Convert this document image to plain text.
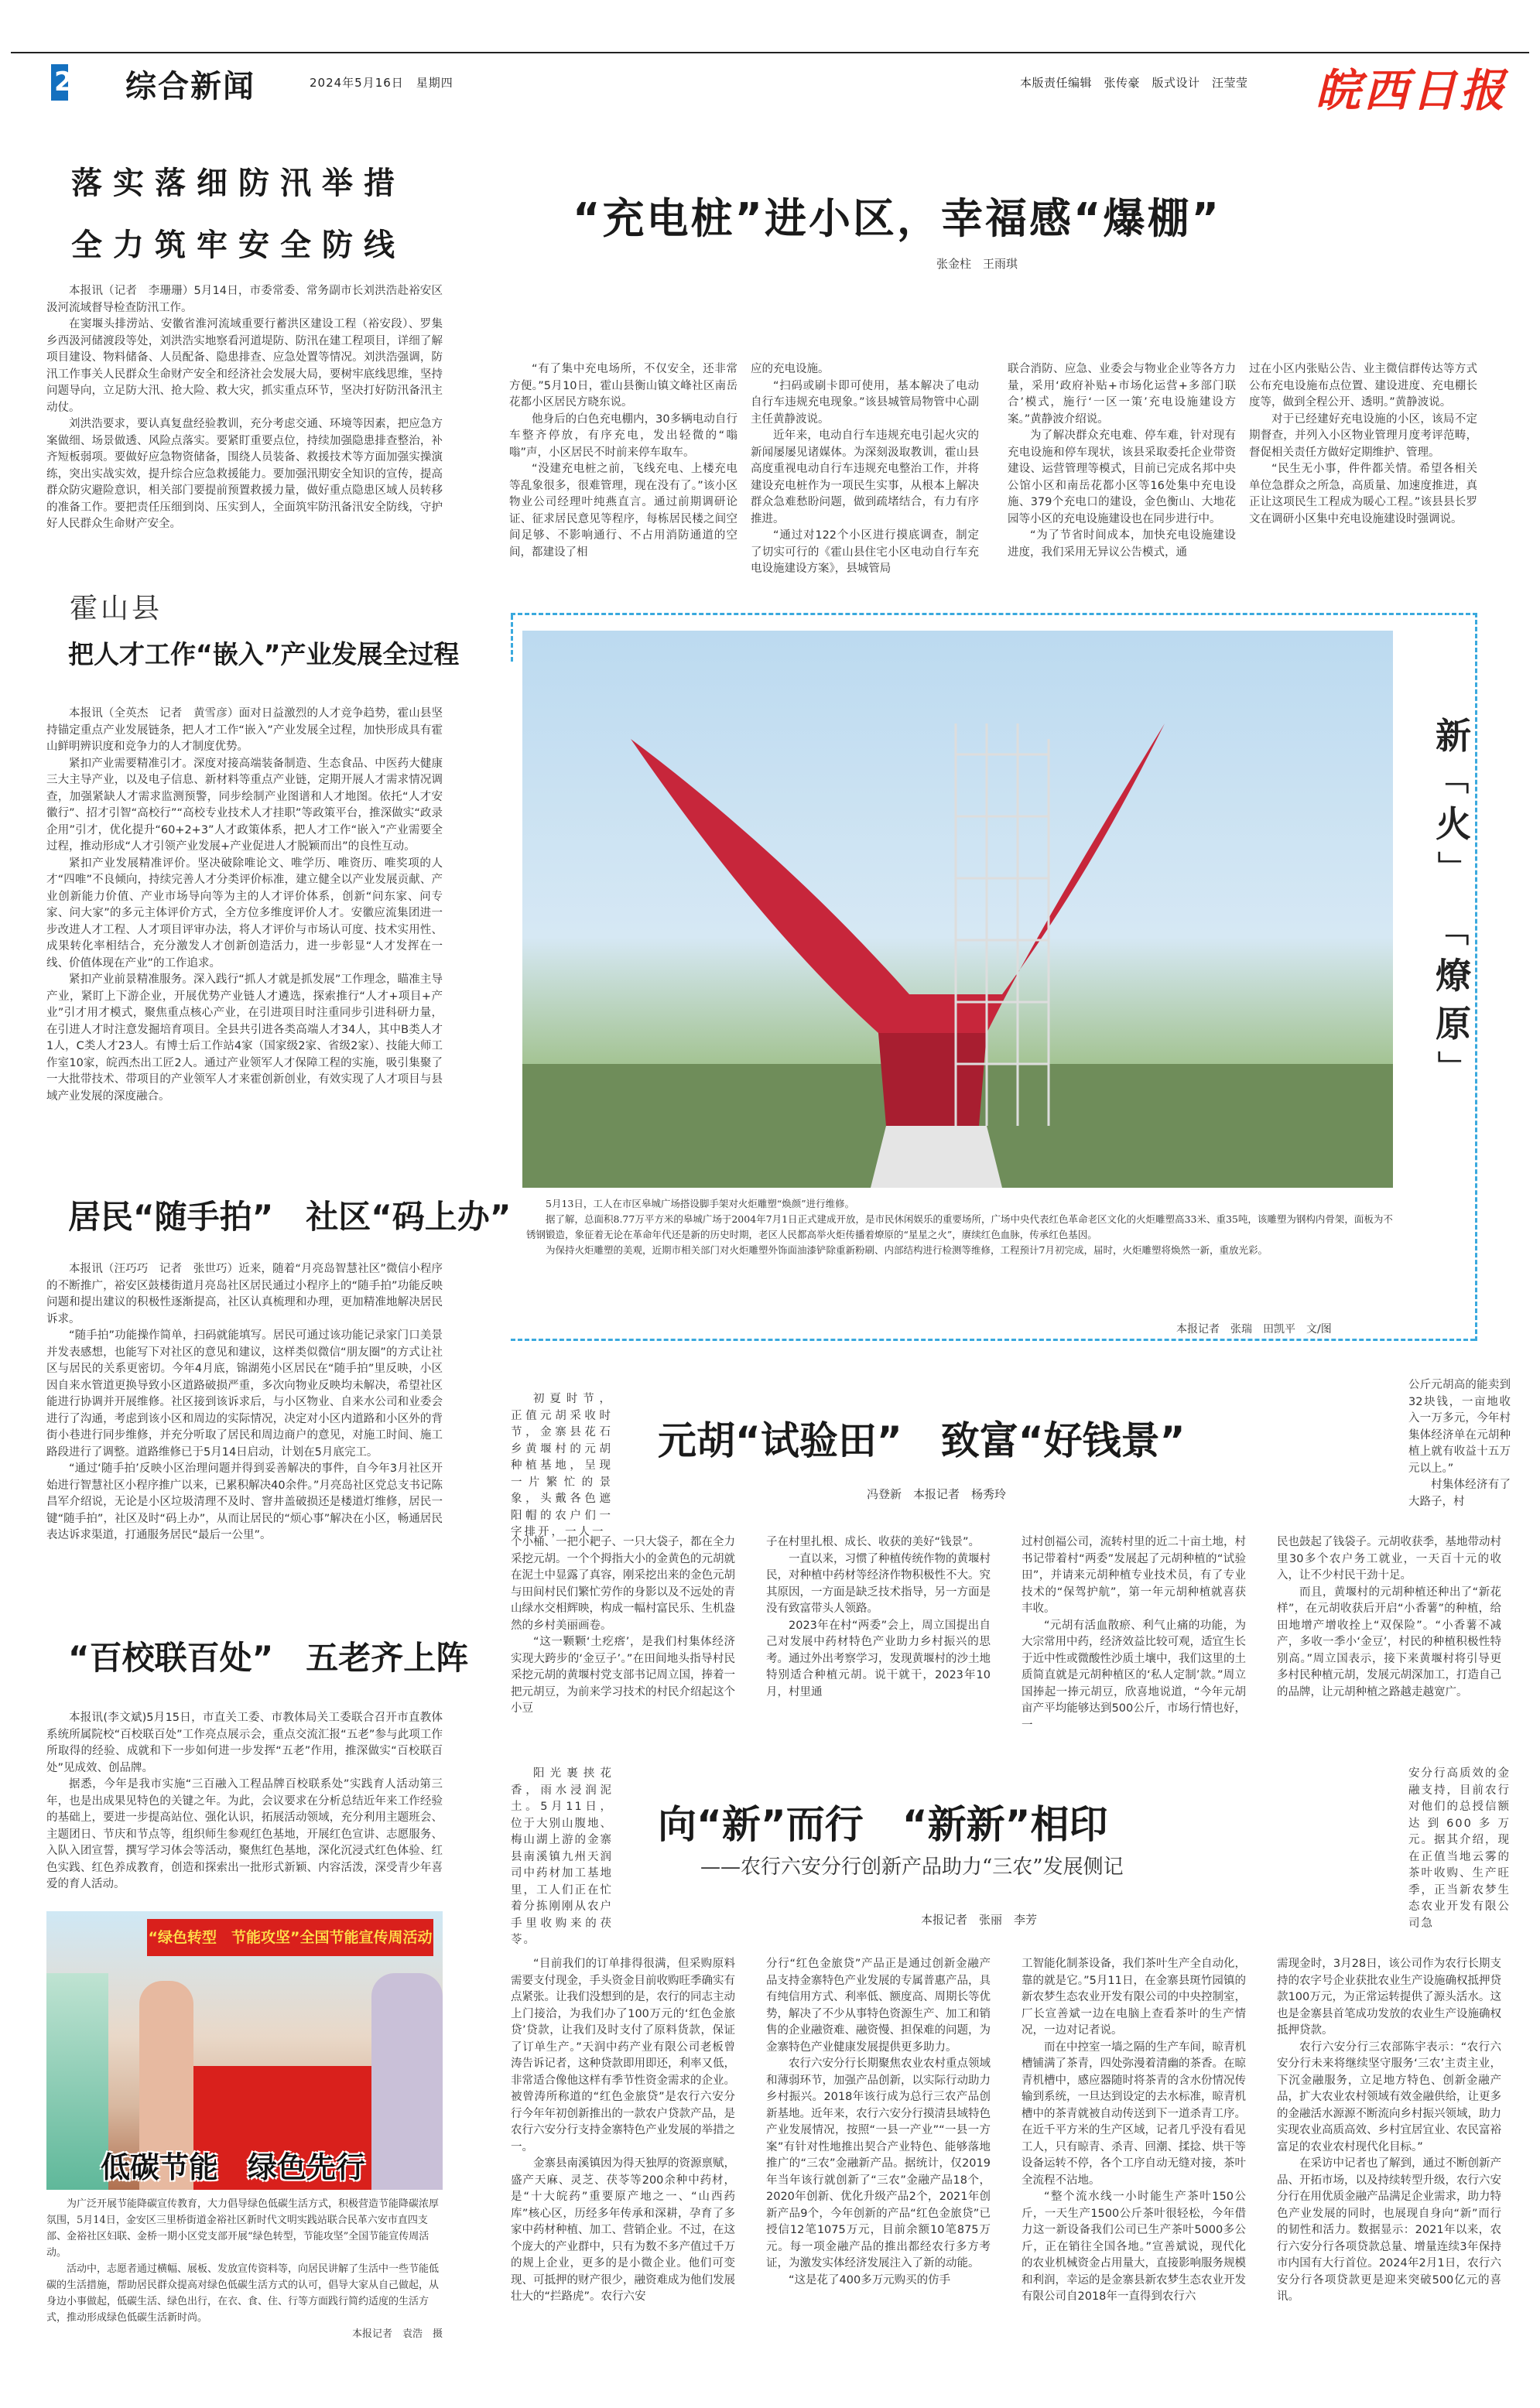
2 综合新闻	2024年5月16日　星期四	本版责任编辑　张传豪　版式设计　汪莹莹 皖西日报
落实落细防汛举措
全力筑牢安全防线

本报讯（记者　李珊珊）5月14日，市委常委、常务副市长刘洪浩赴裕安区汲河流域督导检查防汛工作。

在窦堰头排涝站、安徽省淮河流域重要行蓄洪区建设工程（裕安段）、罗集乡西汲河储渡段等处，刘洪浩实地察看河道堤防、防汛在建工程项目，详细了解项目建设、物料储备、人员配备、隐患排查、应急处置等情况。刘洪浩强调，防汛工作事关人民群众生命财产安全和经济社会发展大局，要树牢底线思维，坚持问题导向，立足防大汛、抢大险、救大灾，抓实重点环节，坚决打好防汛备汛主动仗。

刘洪浩要求，要认真复盘经验教训，充分考虑交通、环境等因素，把应急方案做细、场景做透、风险点落实。要紧盯重要点位，持续加强隐患排查整治，补齐短板弱项。要做好应急物资储备，围绕人员装备、救援技术等方面加强实操演练，突出实战实效，提升综合应急救援能力。要加强汛期安全知识的宣传，提高群众防灾避险意识，相关部门要提前预置救援力量，做好重点隐患区域人员转移的准备工作。要把责任压细到岗、压实到人，全面筑牢防汛备汛安全防线，守护好人民群众生命财产安全。

霍山县
把人才工作“嵌入”产业发展全过程

本报讯（全英杰　记者　黄雪彦）面对日益激烈的人才竞争趋势，霍山县坚持锚定重点产业发展链条，把人才工作“嵌入”产业发展全过程，加快形成具有霍山鲜明辨识度和竞争力的人才制度优势。

紧扣产业需要精准引才。深度对接高端装备制造、生态食品、中医药大健康三大主导产业，以及电子信息、新材料等重点产业链，定期开展人才需求情况调查，加强紧缺人才需求监测预警，同步绘制产业图谱和人才地图。依托“人才安徽行”、招才引智“高校行”“高校专业技术人才挂职”等政策平台，推深做实“政录企用”引才，优化提升“60+2+3”人才政策体系，把人才工作“嵌入”产业需要全过程，推动形成“人才引领产业发展+产业促进人才脱颖而出”的良性互动。

紧扣产业发展精准评价。坚决破除唯论文、唯学历、唯资历、唯奖项的人才“四唯”不良倾向，持续完善人才分类评价标准，建立健全以产业发展贡献、产业创新能力价值、产业市场导向等为主的人才评价体系，创新“问东家、问专家、问大家”的多元主体评价方式，全方位多维度评价人才。安徽应流集团进一步改进人才工程、人才项目评审办法，将人才评价与市场认可度、技术实用性、成果转化率相结合，充分激发人才创新创造活力，进一步彰显“人才发挥在一线、价值体现在产业”的工作追求。

紧扣产业前景精准服务。深入践行“抓人才就是抓发展”工作理念，瞄准主导产业，紧盯上下游企业，开展优势产业链人才遴选，探索推行“人才+项目+产业”引才用才模式，聚焦重点核心产业，在引进项目时注重同步引进科研力量，在引进人才时注意发掘培育项目。全县共引进各类高端人才34人，其中B类人才1人，C类人才23人。有博士后工作站4家（国家级2家、省级2家）、技能大师工作室10家，皖西杰出工匠2人。通过产业领军人才保障工程的实施，吸引集聚了一大批带技术、带项目的产业领军人才来霍创新创业，有效实现了人才项目与县域产业发展的深度融合。

居民“随手拍”　社区“码上办”

本报讯（汪巧巧　记者　张世巧）近来，随着“月亮岛智慧社区”微信小程序的不断推广，裕安区鼓楼街道月亮岛社区居民通过小程序上的“随手拍”功能反映问题和提出建议的积极性逐渐提高，社区认真梳理和办理，更加精准地解决居民诉求。

“随手拍”功能操作简单，扫码就能填写。居民可通过该功能记录家门口美景并发表感想，也能写下对社区的意见和建议，这样类似微信“朋友圈”的方式让社区与居民的关系更密切。今年4月底，锦湖苑小区居民在“随手拍”里反映，小区因自来水管道更换导致小区道路破损严重，多次向物业反映均未解决，希望社区能进行协调并开展维修。社区接到该诉求后，与小区物业、自来水公司和业委会进行了沟通，考虑到该小区和周边的实际情况，决定对小区内道路和小区外的背街小巷进行同步维修，并充分听取了居民和周边商户的意见，对施工时间、施工路段进行了调整。道路维修已于5月14日启动，计划在5月底完工。

“通过‘随手拍’反映小区治理问题并得到妥善解决的事件，自今年3月社区开始进行智慧社区小程序推广以来，已累积解决40余件。”月亮岛社区党总支书记陈昌军介绍说，无论是小区垃圾清理不及时、窨井盖破损还是楼道灯维修，居民一键“随手拍”，社区及时“码上办”，从而让居民的“烦心事”解决在小区，畅通居民表达诉求渠道，打通服务居民“最后一公里”。

“百校联百处”　五老齐上阵

本报讯(李文斌)5月15日，市直关工委、市教体局关工委联合召开市直教体系统所属院校“百校联百处”工作亮点展示会，重点交流汇报“五老”参与此项工作所取得的经验、成就和下一步如何进一步发挥“五老”作用，推深做实“百校联百处”见成效、创品牌。

据悉，今年是我市实施“三百融入工程品牌百校联系处”实践育人活动第三年，也是出成果见特色的关键之年。为此，会议要求在分析总结近年来工作经验的基础上，要进一步提高站位、强化认识，拓展活动领域，充分利用主题班会、主题团日、节庆和节点等，组织师生参观红色基地，开展红色宣讲、志愿服务、入队入团宣誓，撰写学习体会等活动，聚焦红色基地，深化沉浸式红色体验、红色实践、红色养成教育，创造和探索出一批形式新颖、内容活泼，深受青少年喜爱的育人活动。

“绿色转型　节能攻坚”全国节能宣传周活动
低碳节能　绿色先行

为广泛开展节能降碳宣传教育，大力倡导绿色低碳生活方式，积极营造节能降碳浓厚氛围，5月14日，金安区三里桥街道金裕社区新时代文明实践站联合民革六安市直四支部、金裕社区妇联、金桥一期小区党支部开展“绿色转型，节能攻坚”全国节能宣传周活动。

活动中，志愿者通过横幅、展板、发放宣传资料等，向居民讲解了生活中一些节能低碳的生活措施，帮助居民群众提高对绿色低碳生活方式的认可，倡导大家从自己做起，从身边小事做起，低碳生活、绿色出行，在衣、食、住、行等方面践行简约适度的生活方式，推动形成绿色低碳生活新时尚。

本报记者　袁浩　摄
“充电桩”进小区，幸福感“爆棚”
张金柱　王雨琪

“有了集中充电场所，不仅安全，还非常方便。”5月10日，霍山县衡山镇文峰社区南岳花都小区居民方晓东说。

他身后的白色充电棚内，30多辆电动自行车整齐停放，有序充电，发出轻微的“嗡嗡”声，小区居民不时前来停车取车。

“没建充电桩之前，飞线充电、上楼充电等乱象很多，很难管理，现在没有了。”该小区物业公司经理叶纯燕直言。通过前期调研论证、征求居民意见等程序，每栋居民楼之间空间足够、不影响通行、不占用消防通道的空间，都建设了相

应的充电设施。

“扫码或刷卡即可使用，基本解决了电动自行车违规充电现象。”该县城管局物管中心副主任黄静波说。

近年来，电动自行车违规充电引起火灾的新闻屡屡见诸媒体。为深刻汲取教训，霍山县高度重视电动自行车违规充电整治工作，并将建设充电桩作为一项民生实事，从根本上解决群众急难愁盼问题，做到疏堵结合，有力有序推进。

“通过对122个小区进行摸底调查，制定了切实可行的《霍山县住宅小区电动自行车充电设施建设方案》，县城管局

联合消防、应急、业委会与物业企业等各方力量，采用‘政府补贴+市场化运营+多部门联合’模式，施行‘一区一策’充电设施建设方案。”黄静波介绍说。

为了解决群众充电难、停车难，针对现有充电设施和停车现状，该县采取委托企业带资建设、运营管理等模式，目前已完成名邦中央公馆小区和南岳花都小区等16处集中充电设施、379个充电口的建设，金色衡山、大地花园等小区的充电设施建设也在同步进行中。

“为了节省时间成本，加快充电设施建设进度，我们采用无异议公告模式，通

过在小区内张贴公告、业主微信群传达等方式公布充电设施布点位置、建设进度、充电棚长度等，做到全程公开、透明。”黄静波说。

对于已经建好充电设施的小区，该局不定期督查，并列入小区物业管理月度考评范畴，督促相关责任方做好定期维护、管理。

“民生无小事，件件都关情。希望各相关单位急群众之所急，高质量、加速度推进，真正让这项民生工程成为暖心工程。”该县县长罗文在调研小区集中充电设施建设时强调说。

新
﹁
火
﹂
﹁
燎
原
﹂

5月13日，工人在市区皋城广场搭设脚手架对火炬雕塑“焕颜”进行维修。

据了解，总面积8.77万平方米的皋城广场于2004年7月1日正式建成开放，是市民休闲娱乐的重要场所，广场中央代表红色革命老区文化的火炬雕塑高33米、重35吨，该雕塑为钢构内骨架，面板为不锈钢锻造，象征着无论在革命年代还是新的历史时期，老区人民都高举火炬传播着燎原的“星星之火”，赓续红色血脉，传承红色基因。

为保持火炬雕塑的美观，近期市相关部门对火炬雕塑外饰面油漆铲除重新粉刷、内部结构进行检测等维修，工程预计7月初完成，届时，火炬雕塑将焕然一新，重放光彩。

本报记者　张瑞　田凯平　文/图

初夏时节，正值元胡采收时节，金寨县花石乡黄堰村的元胡种植基地，呈现一片繁忙的景象，头戴各色遮阳帽的农户们一字排开，一人一

元胡“试验田”　致富“好钱景”
冯登新　本报记者　杨秀玲

公斤元胡高的能卖到32块钱，一亩地收入一万多元，今年村集体经济单在元胡种植上就有收益十五万元以上。”

村集体经济有了大路子，村

个小桶、一把小耙子、一只大袋子，都在全力采挖元胡。一个个拇指大小的金黄色的元胡就在泥土中显露了真容，刚采挖出来的金色元胡与田间村民们繁忙劳作的身影以及不远处的青山绿水交相辉映，构成一幅村富民乐、生机盎然的乡村美丽画卷。

“这一颗颗‘土疙瘩’，是我们村集体经济实现大跨步的‘金豆子’。”在田间地头指导村民采挖元胡的黄堰村党支部书记周立国，捧着一把元胡豆，为前来学习技术的村民介绍起这个小豆

子在村里扎根、成长、收获的美好“钱景”。

一直以来，习惯了种植传统作物的黄堰村民，对种植中药材等经济作物积极性不大。究其原因，一方面是缺乏技术指导，另一方面是没有致富带头人领路。

2023年在村“两委”会上，周立国提出自己对发展中药材特色产业助力乡村振兴的思考。通过外出考察学习，发现黄堰村的沙土地特别适合种植元胡。说干就干，2023年10月，村里通

过村创福公司，流转村里的近二十亩土地，村书记带着村“两委”发展起了元胡种植的“试验田”，并请来元胡种植专业技术员，有了专业技术的“保驾护航”，第一年元胡种植就喜获丰收。

“元胡有活血散瘀、利气止痛的功能，为大宗常用中药，经济效益比较可观，适宜生长于近中性或微酸性沙质土壤中，我们这里的土质简直就是元胡种植区的‘私人定制’款。”周立国捧起一捧元胡豆，欣喜地说道，“今年元胡亩产平均能够达到500公斤，市场行情也好，一

民也鼓起了钱袋子。元胡收获季，基地带动村里30多个农户务工就业，一天百十元的收入，让不少村民干劲十足。

而且，黄堰村的元胡种植还种出了“新花样”，在元胡收获后开启“小香薯”的种植，给田地增产增收拴上“双保险”。“小香薯不减产，多收一季小‘金豆’，村民的种植积极性特别高。”周立国表示，接下来黄堰村将引导更多村民种植元胡，发展元胡深加工，打造自己的品牌，让元胡种植之路越走越宽广。

阳光裹挟花香，雨水浸润泥土。5月11日，位于大别山腹地、梅山湖上游的金寨县南溪镇九州天润司中药材加工基地里，工人们正在忙着分拣刚刚从农户手里收购来的茯苓。

向“新”而行　“新新”相印
——农行六安分行创新产品助力“三农”发展侧记
本报记者　张丽　李芳

安分行高质效的金融支持，目前农行对他们的总授信额达到600多万元。据其介绍，现在正值当地云雾的茶叶收购、生产旺季，正当新农梦生态农业开发有限公司急

“目前我们的订单排得很满，但采购原料需要支付现金，手头资金目前收购旺季确实有点紧张。让我们没想到的是，农行的同志主动上门接洽，为我们办了100万元的‘红色金旅贷’贷款，让我们及时支付了原料货款，保证了订单生产。”天润中药产业有限公司老板曾涛告诉记者，这种贷款即用即还，利率又低，非常适合像他这样有季节性资金需求的企业。被曾涛所称道的“红色金旅贷”是农行六安分行今年年初创新推出的一款农户贷款产品，是农行六安分行支持金寨特色产业发展的举措之一。

金寨县南溪镇因为得天独厚的资源禀赋，盛产天麻、灵芝、茯苓等200余种中药材，是“十大皖药”重要原产地之一、“山西药库”核心区，历经多年传承和深耕，孕育了多家中药材种植、加工、营销企业。不过，在这个庞大的产业群中，只有为数不多产值过千万的规上企业，更多的是小微企业。他们可变现、可抵押的财产很少，融资难成为他们发展壮大的“拦路虎”。农行六安

分行“红色金旅贷”产品正是通过创新金融产品支持金寨特色产业发展的专属普惠产品，具有纯信用方式、利率低、额度高、周期长等优势，解决了不少从事特色资源生产、加工和销售的企业融资难、融资慢、担保难的问题，为金寨特色产业健康发展提供更多助力。

农行六安分行长期聚焦农业农村重点领域和薄弱环节，加强产品创新，以实际行动助力乡村振兴。2018年该行成为总行三农产品创新基地。近年来，农行六安分行摸清县域特色产业发展情况，按照“一县一产业”“一县一方案”有针对性地推出契合产业特色、能够落地推广的“三农”金融新产品。据统计，仅2019年当年该行就创新了“三农”金融产品18个，2020年创新、优化升级产品2个，2021年创新产品9个，今年创新的产品“红色金旅贷”已授信12笔1075万元，目前余额10笔875万元。每一项金融产品的推出都经农行多方考证，为激发实体经济发展注入了新的动能。

“这是花了400多万元购买的仿手

工智能化制茶设备，我们茶叶生产全自动化，靠的就是它。”5月11日，在金寨县斑竹园镇的新农梦生态农业开发有限公司的中央控制室，厂长宣善斌一边在电脑上查看茶叶的生产情况，一边对记者说。

而在中控室一墙之隔的生产车间，晾青机槽铺满了茶青，四处弥漫着清幽的茶香。在晾青机槽中，感应器随时将茶青的含水份情况传输到系统，一旦达到设定的去水标准，晾青机槽中的茶青就被自动传送到下一道杀青工序。在近千平方米的生产区域，记者几乎没有看见工人，只有晾青、杀青、回潮、揉捻、烘干等设备运转不停，各个工序自动无缝对接，茶叶全流程不沾地。

“整个流水线一小时能生产茶叶150公斤，一天生产1500公斤茶叶很轻松，今年借力这一新设备我们公司已生产茶叶5000多公斤，正在销往全国各地。”宣善斌说，现代化的农业机械资金占用量大，直接影响服务规模和利润，幸运的是金寨县新农梦生态农业开发有限公司自2018年一直得到农行六

需现金时，3月28日，该公司作为农行长期支持的农字号企业获批农业生产设施确权抵押贷款100万元，为正常运转提供了源头活水。这也是金寨县首笔成功发放的农业生产设施确权抵押贷款。

农行六安分行三农部陈宇表示：“农行六安分行未来将继续坚守服务‘三农’主责主业，下沉金融服务，立足地方特色、创新金融产品，扩大农业农村领域有效金融供给，让更多的金融活水源源不断流向乡村振兴领域，助力实现农业高质高效、乡村宜居宜业、农民富裕富足的农业农村现代化目标。”

在采访中记者也了解到，通过不断创新产品、开拓市场，以及持续转型升级，农行六安分行在用优质金融产品满足企业需求，助力特色产业发展的同时，也展现自身向“新”而行的韧性和活力。数据显示：2021年以来，农行六安分行各项贷款总量、增量连续3年保持市内国有大行首位。2024年2月1日，农行六安分行各项贷款更是迎来突破500亿元的喜讯。
